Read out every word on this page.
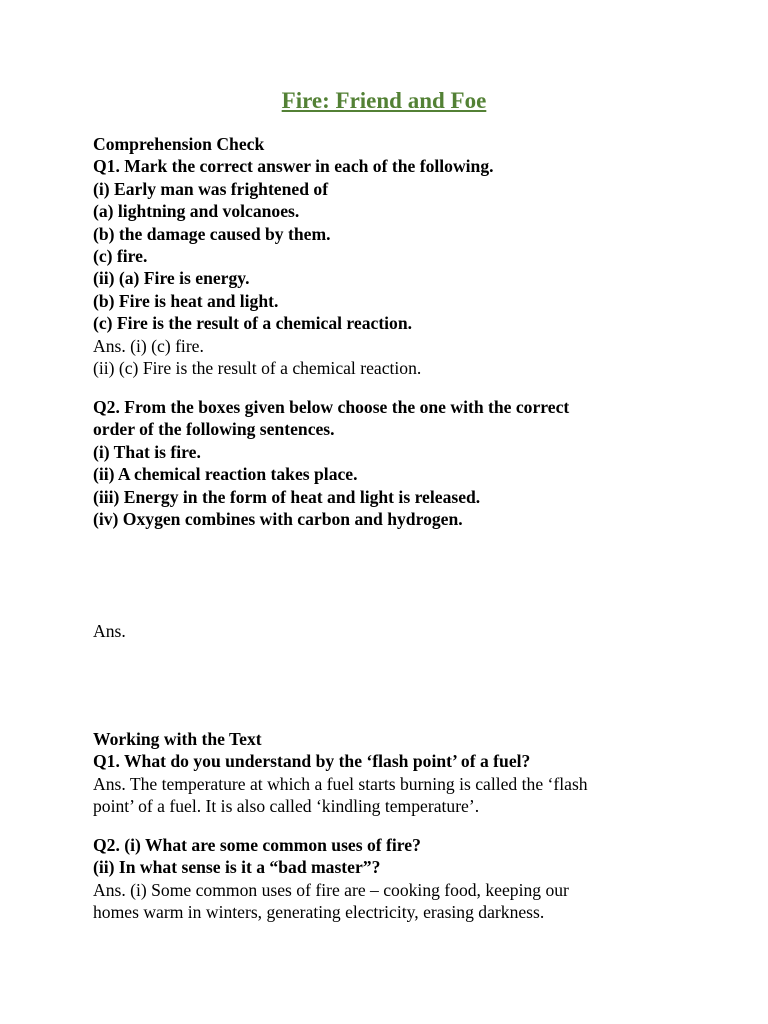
Fire: Friend and Foe
Comprehension Check
Q1. Mark the correct answer in each of the following.
(i) Early man was frightened of
(a) lightning and volcanoes.
(b) the damage caused by them.
(c) fire.
(ii) (a) Fire is energy.
(b) Fire is heat and light.
(c) Fire is the result of a chemical reaction.
Ans. (i) (c) fire.
(ii) (c) Fire is the result of a chemical reaction.
Q2. From the boxes given below choose the one with the correct
order of the following sentences.
(i) That is fire.
(ii) A chemical reaction takes place.
(iii) Energy in the form of heat and light is released.
(iv) Oxygen combines with carbon and hydrogen.
Ans.
Working with the Text
Q1. What do you understand by the ‘flash point’ of a fuel?
Ans. The temperature at which a fuel starts burning is called the ‘flash
point’ of a fuel. It is also called ‘kindling temperature’.
Q2. (i) What are some common uses of fire?
(ii) In what sense is it a “bad master”?
Ans. (i) Some common uses of fire are – cooking food, keeping our
homes warm in winters, generating electricity, erasing darkness.
